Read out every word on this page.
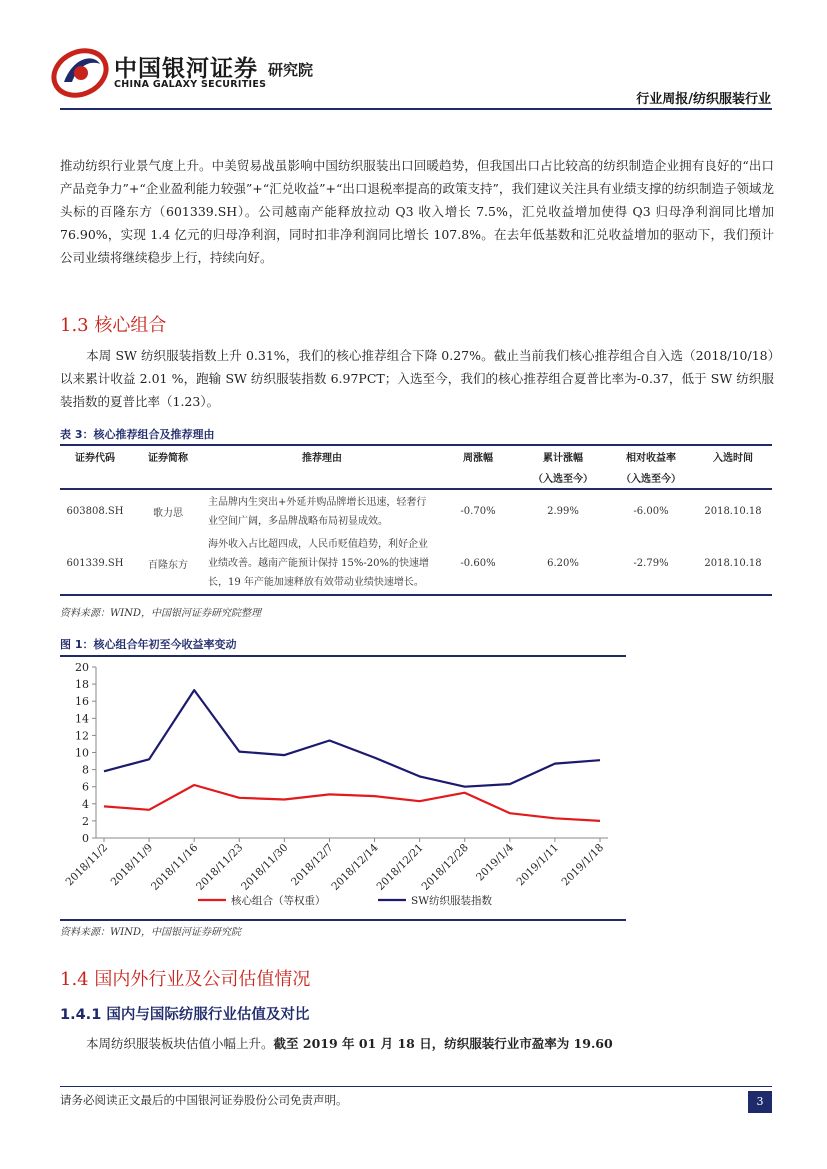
中国银河证券 研究院
CHINA GALAXY SECURITIES
行业周报/纺织服装行业
推动纺织行业景气度上升。中美贸易战虽影响中国纺织服装出口回暖趋势，但我国出口占比较高的纺织制造企业拥有良好的“出口产品竞争力”+“企业盈利能力较强”+“汇兑收益”+“出口退税率提高的政策支持”，我们建议关注具有业绩支撑的纺织制造子领域龙头标的百隆东方（601339.SH）。公司越南产能释放拉动 Q3 收入增长 7.5%，汇兑收益增加使得 Q3 归母净利润同比增加 76.90%，实现 1.4 亿元的归母净利润，同时扣非净利润同比增长 107.8%。在去年低基数和汇兑收益增加的驱动下，我们预计公司业绩将继续稳步上行，持续向好。
1.3 核心组合
本周 SW 纺织服装指数上升 0.31%，我们的核心推荐组合下降 0.27%。截止当前我们核心推荐组合自入选（2018/10/18）以来累计收益 2.01 %，跑输 SW 纺织服装指数 6.97PCT；入选至今，我们的核心推荐组合夏普比率为-0.37，低于 SW 纺织服装指数的夏普比率（1.23）。
表 3：核心推荐组合及推荐理由
证券代码	证券简称	推荐理由	周涨幅	累计涨幅	相对收益率	入选时间
				（入选至今）	（入选至今）	
603808.SH	歌力思	主品牌内生突出+外延并购品牌增长迅速，轻奢行业空间广阔，多品牌战略布局初显成效。	-0.70%	2.99%	-6.00%	2018.10.18
601339.SH	百隆东方	海外收入占比超四成，人民币贬值趋势，利好企业业绩改善。越南产能预计保持 15%-20%的快速增长，19 年产能加速释放有效带动业绩快速增长。	-0.60%	6.20%	-2.79%	2018.10.18
资料来源：WIND，中国银河证券研究院整理
图 1：核心组合年初至今收益率变动
0
2
4
6
8
10
12
14
16
18
20
2018/11/2
2018/11/9
2018/11/16
2018/11/23
2018/11/30
2018/12/7
2018/12/14
2018/12/21
2018/12/28 2019/1/4
2019/1/11
2019/1/18
核心组合（等权重）	SW纺织服装指数
资料来源：WIND，中国银河证券研究院
1.4 国内外行业及公司估值情况
1.4.1 国内与国际纺服行业估值及对比
本周纺织服装板块估值小幅上升。截至 2019 年 01 月 18 日，纺织服装行业市盈率为 19.60
请务必阅读正文最后的中国银河证券股份公司免责声明。	3
